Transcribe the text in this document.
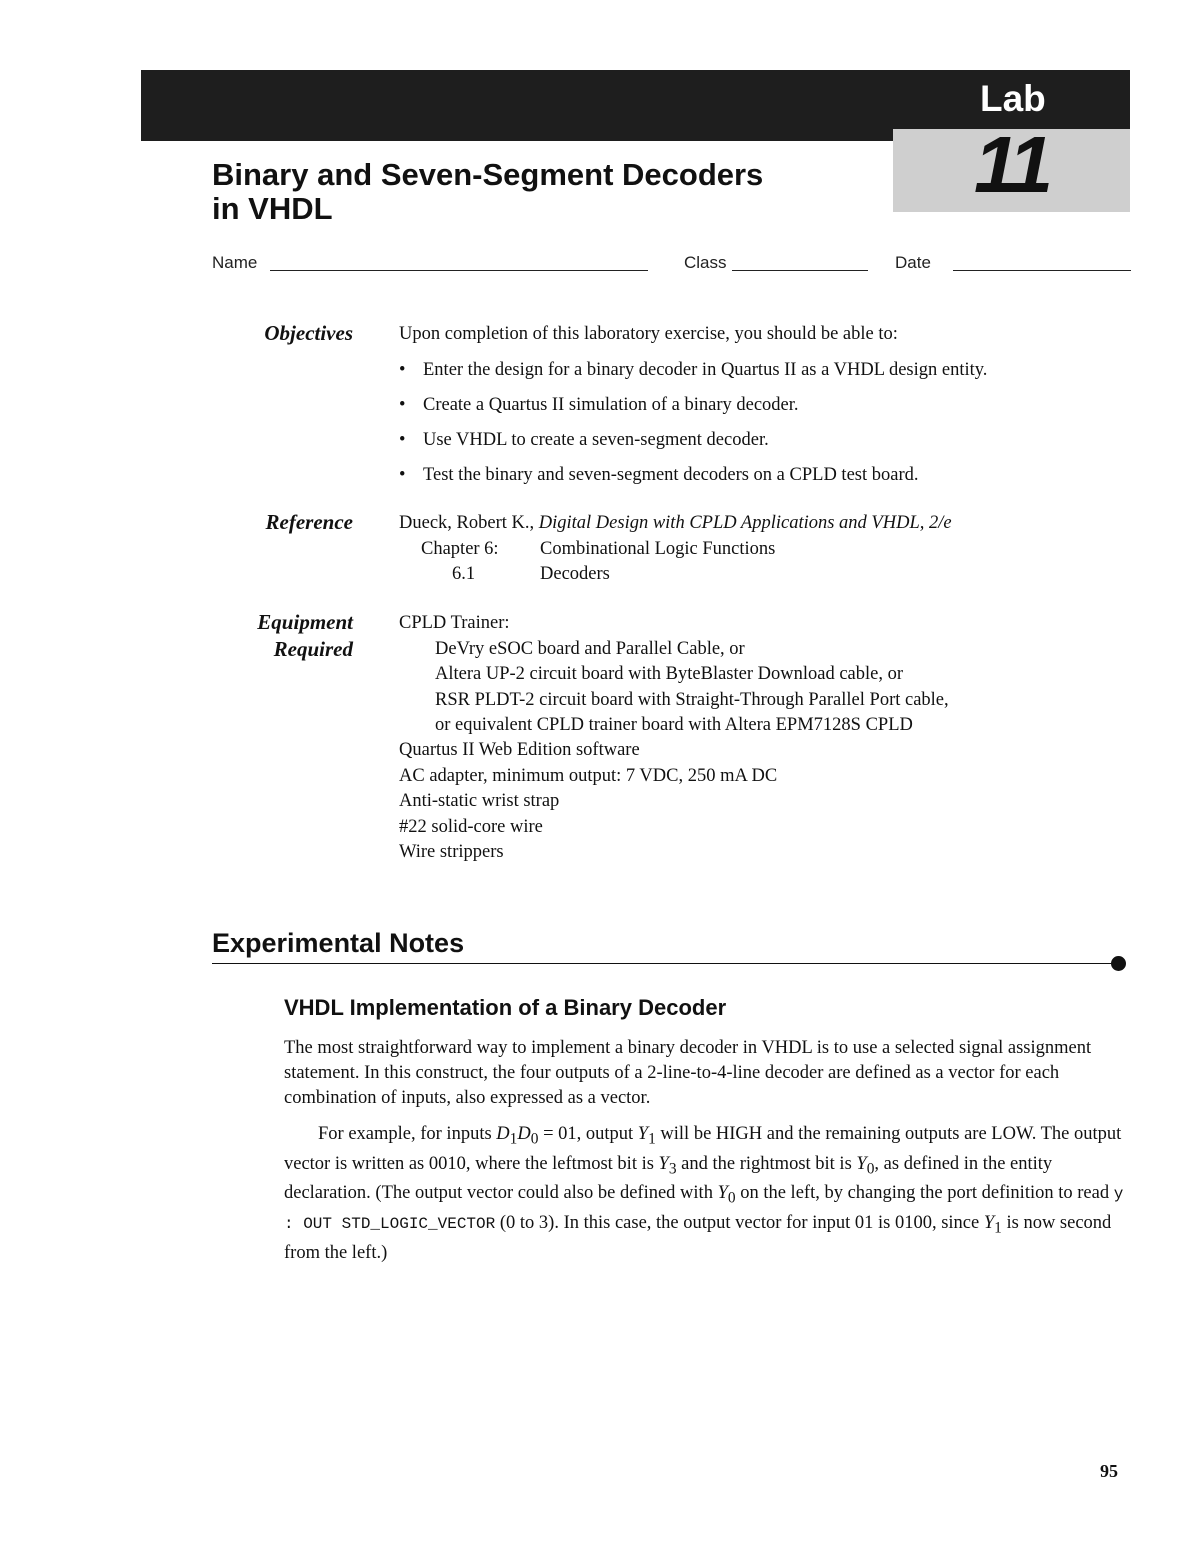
Lab
11
Binary and Seven-Segment Decoders
in VHDL
Name	Class	Date
Objectives Upon completion of this laboratory exercise, you should be able to:
• Enter the design for a binary decoder in Quartus II as a VHDL design entity.
• Create a Quartus II simulation of a binary decoder.
• Use VHDL to create a seven-segment decoder.
• Test the binary and seven-segment decoders on a CPLD test board.
Reference Dueck, Robert K., Digital Design with CPLD Applications and VHDL, 2/e
Chapter 6: Combinational Logic Functions
6.1	Decoders
Equipment
Required
CPLD Trainer:
DeVry eSOC board and Parallel Cable, or
Altera UP-2 circuit board with ByteBlaster Download cable, or
RSR PLDT-2 circuit board with Straight-Through Parallel Port cable,
or equivalent CPLD trainer board with Altera EPM7128S CPLD
Quartus II Web Edition software
AC adapter, minimum output: 7 VDC, 250 mA DC
Anti-static wrist strap
#22 solid-core wire
Wire strippers
Experimental Notes
VHDL Implementation of a Binary Decoder

The most straightforward way to implement a binary decoder in VHDL is to use a selected signal assignment statement. In this construct, the four outputs of a 2-line-to-4-line decoder are defined as a vector for each combination of inputs, also expressed as a vector.

For example, for inputs $D_1D_0 = 01$, output $Y_1$ will be HIGH and the remaining outputs are LOW. The output vector is written as 0010, where the leftmost bit is $Y_3$ and the rightmost bit is $Y_0$, as defined in the entity declaration. (The output vector could also be defined with $Y_0$ on the left, by changing the port definition to read y : OUT STD_LOGIC_VECTOR (0 to 3). In this case, the output vector for input 01 is 0100, since $Y_1$ is now second from the left.)

95
